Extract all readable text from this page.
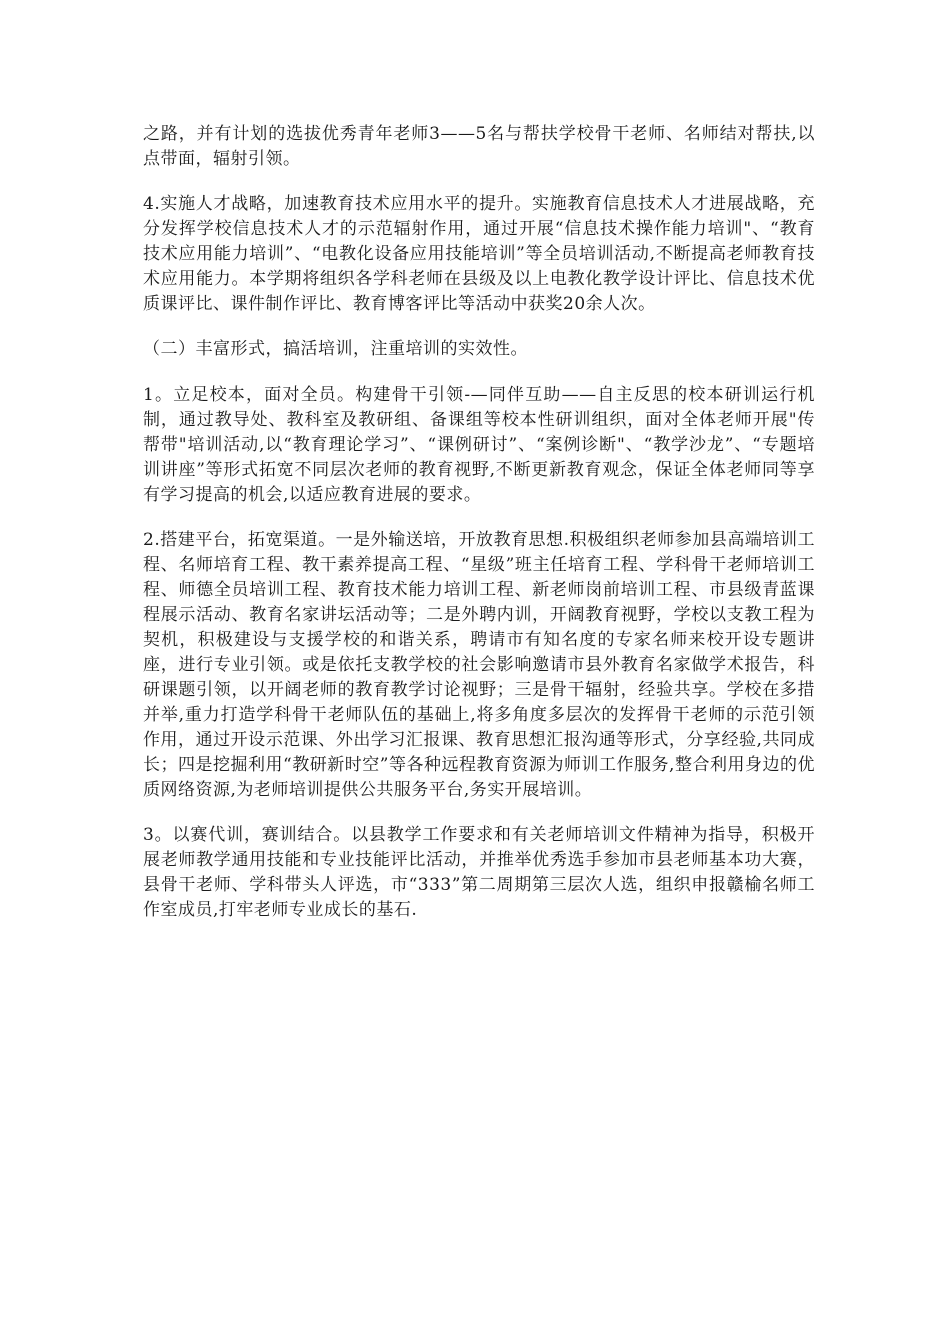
之路，并有计划的选拔优秀青年老师3——5名与帮扶学校骨干老师、名师结对帮扶,以点带面，辐射引领。

4.实施人才战略，加速教育技术应用水平的提升。实施教育信息技术人才进展战略，充分发挥学校信息技术人才的示范辐射作用，通过开展“信息技术操作能力培训"、“教育技术应用能力培训”、“电教化设备应用技能培训”等全员培训活动,不断提高老师教育技术应用能力。本学期将组织各学科老师在县级及以上电教化教学设计评比、信息技术优质课评比、课件制作评比、教育博客评比等活动中获奖20余人次。

（二）丰富形式，搞活培训，注重培训的实效性。

1。立足校本，面对全员。构建骨干引领-—同伴互助——自主反思的校本研训运行机制，通过教导处、教科室及教研组、备课组等校本性研训组织，面对全体老师开展"传帮带"培训活动,以“教育理论学习”、“课例研讨”、“案例诊断"、“教学沙龙”、“专题培训讲座”等形式拓宽不同层次老师的教育视野,不断更新教育观念，保证全体老师同等享有学习提高的机会,以适应教育进展的要求。

2.搭建平台，拓宽渠道。一是外输送培，开放教育思想.积极组织老师参加县高端培训工程、名师培育工程、教干素养提高工程、“星级”班主任培育工程、学科骨干老师培训工程、师德全员培训工程、教育技术能力培训工程、新老师岗前培训工程、市县级青蓝课程展示活动、教育名家讲坛活动等；二是外聘内训，开阔教育视野，学校以支教工程为契机，积极建设与支援学校的和谐关系，聘请市有知名度的专家名师来校开设专题讲座，进行专业引领。或是依托支教学校的社会影响邀请市县外教育名家做学术报告，科研课题引领，以开阔老师的教育教学讨论视野；三是骨干辐射，经验共享。学校在多措并举,重力打造学科骨干老师队伍的基础上,将多角度多层次的发挥骨干老师的示范引领作用，通过开设示范课、外出学习汇报课、教育思想汇报沟通等形式，分享经验,共同成长；四是挖掘利用“教研新时空”等各种远程教育资源为师训工作服务,整合利用身边的优质网络资源,为老师培训提供公共服务平台,务实开展培训。

3。以赛代训，赛训结合。以县教学工作要求和有关老师培训文件精神为指导，积极开展老师教学通用技能和专业技能评比活动，并推举优秀选手参加市县老师基本功大赛，县骨干老师、学科带头人评选，市“333”第二周期第三层次人选，组织申报赣榆名师工作室成员,打牢老师专业成长的基石.
